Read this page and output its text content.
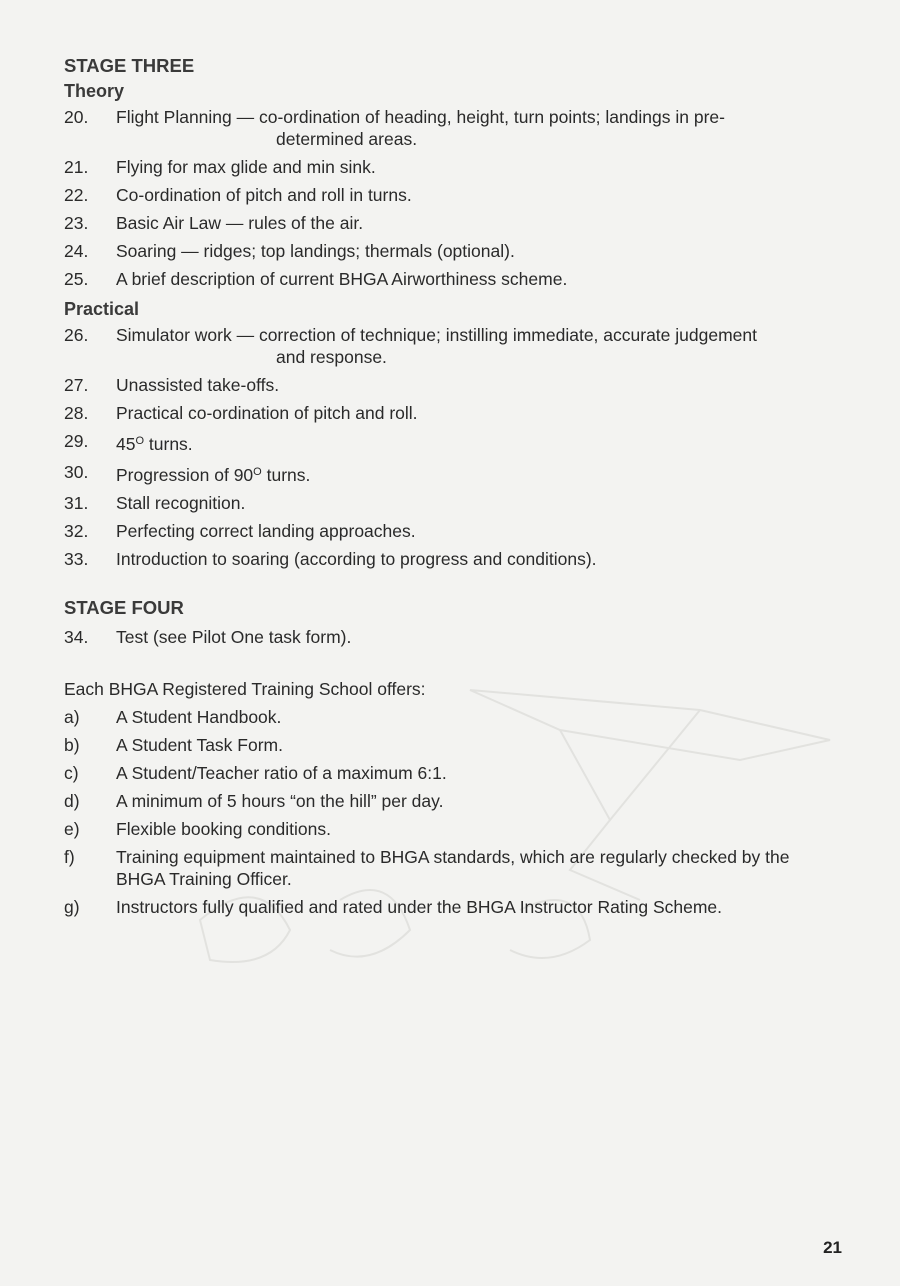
STAGE THREE
Theory
20.	Flight Planning — co-ordination of heading, height, turn points; landings in pre-
determined areas.
21.	Flying for max glide and min sink.
22.	Co-ordination of pitch and roll in turns.
23.	Basic Air Law — rules of the air.
24.	Soaring — ridges; top landings; thermals (optional).
25.	A brief description of current BHGA Airworthiness scheme.
Practical
26.	Simulator work — correction of technique; instilling immediate, accurate judgement
and response.
27.	Unassisted take-offs.
28.	Practical co-ordination of pitch and roll.
29.	$45^O$ turns.
30.	Progression of $90^O$ turns.
31.	Stall recognition.
32.	Perfecting correct landing approaches.
33.	Introduction to soaring (according to progress and conditions).
STAGE FOUR
34.	Test (see Pilot One task form).

Each BHGA Registered Training School offers:

a)	A Student Handbook.
b)	A Student Task Form.
c)	A Student/Teacher ratio of a maximum 6:1.
d)	A minimum of 5 hours “on the hill” per day.
e)	Flexible booking conditions.
f)	Training equipment maintained to BHGA standards, which are regularly checked by the
BHGA Training Officer.
g)	Instructors fully qualified and rated under the BHGA Instructor Rating Scheme.
21
